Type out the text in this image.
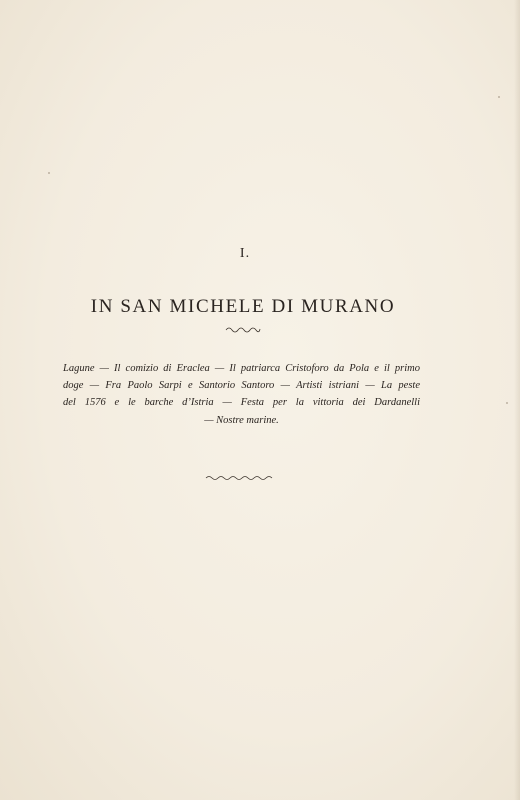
I.
IN SAN MICHELE DI MURANO
Lagune — Il comizio di Eraclea — Il patriarca Cristoforo da Pola e il primo
doge — Fra Paolo Sarpi e Santorio Santoro — Artisti istriani — La peste
del 1576 e le barche d’Istria — Festa per la vittoria dei Dardanelli
— Nostre marine.
